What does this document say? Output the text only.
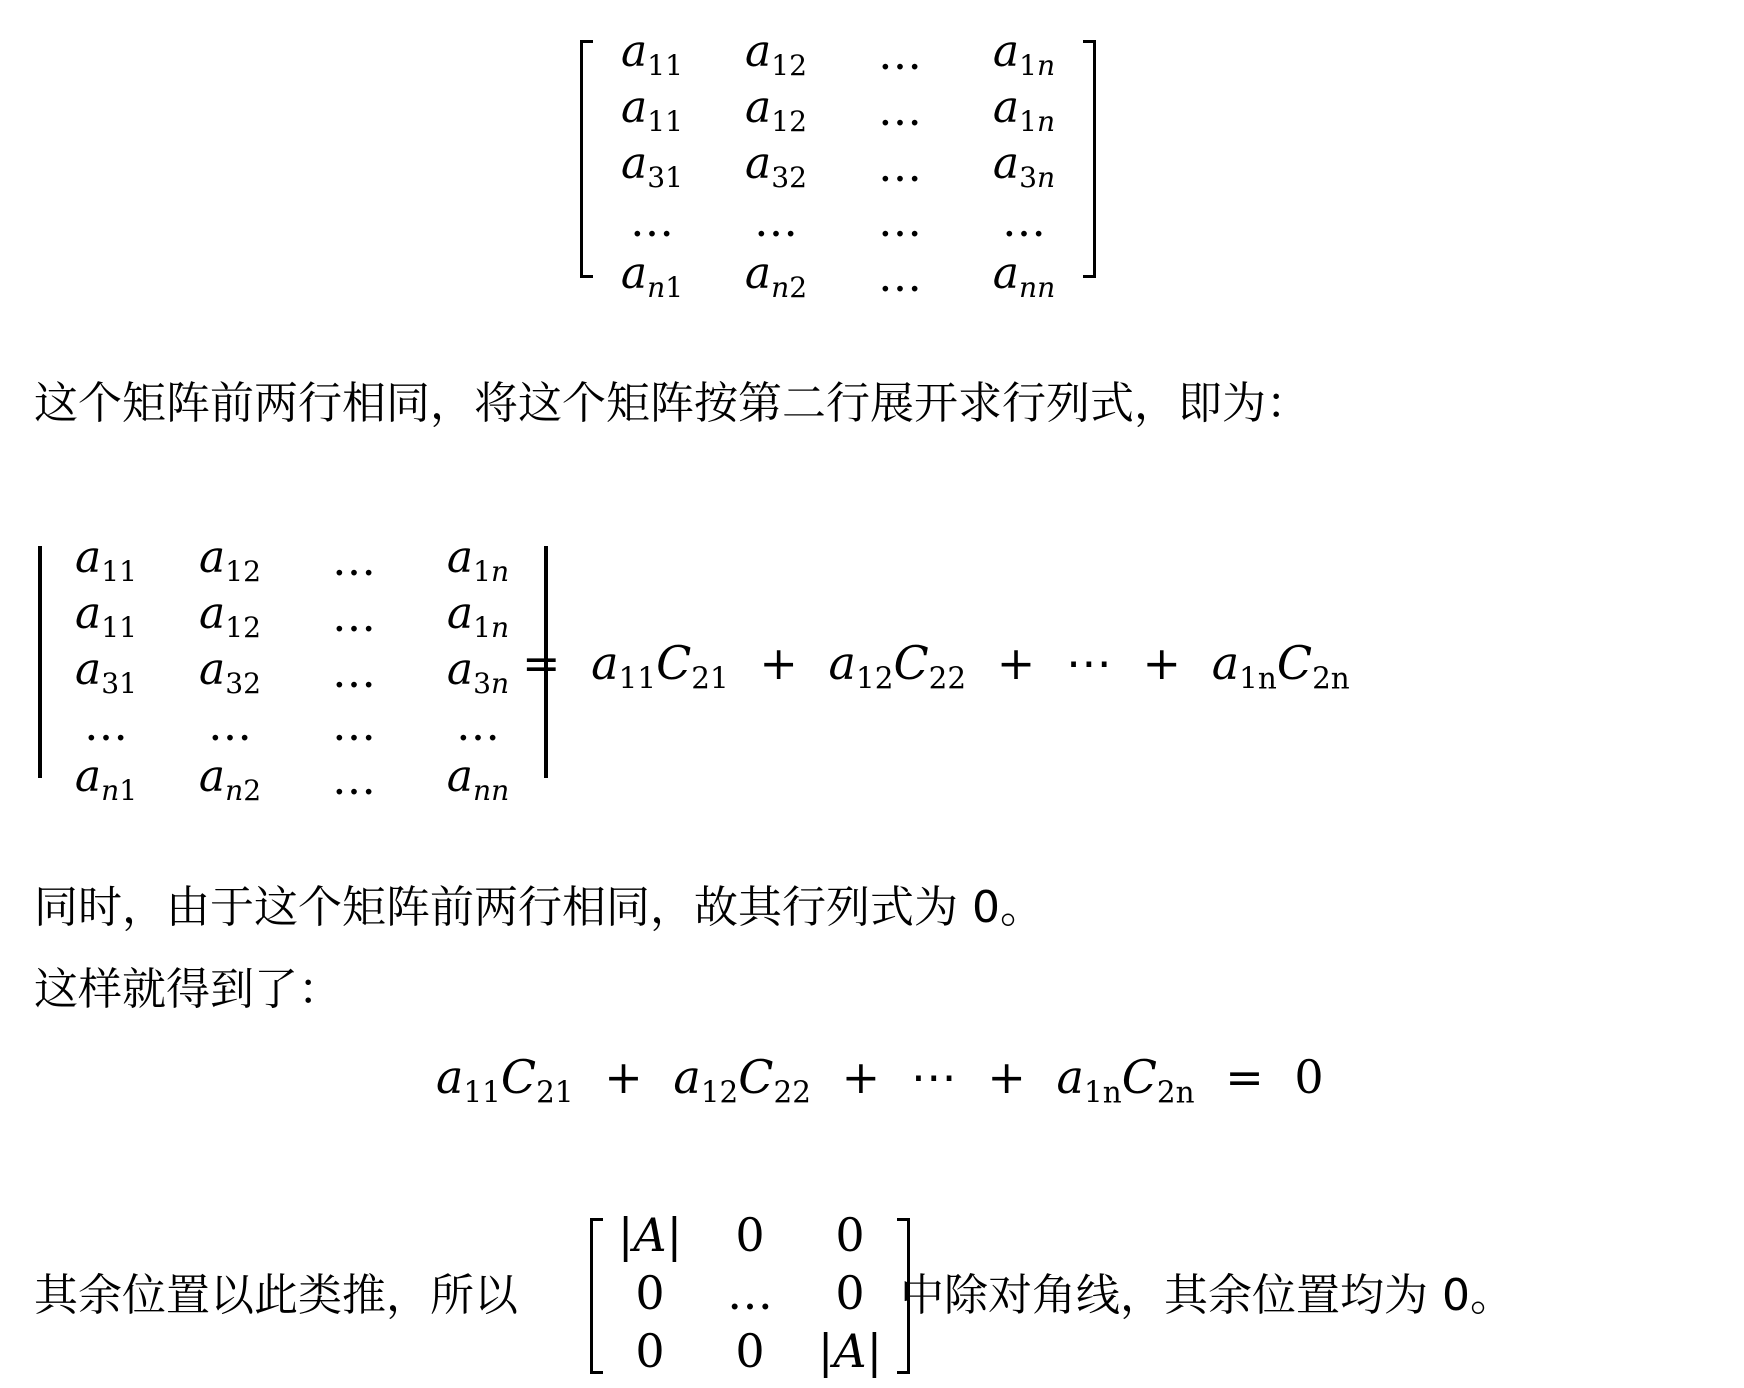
$a_{11}$	$a_{12}$	…	$a_{1n}$
$a_{11}$	$a_{12}$	…	$a_{1n}$
$a_{31}$	$a_{32}$	…	$a_{3n}$
…	…	…	…
$a_{n1}$	$a_{n2}$	…	$a_{nn}$
这个矩阵前两行相同，将这个矩阵按第二行展开求行列式，即为：
$a_{11}$	$a_{12}$	…	$a_{1n}$
$a_{11}$	$a_{12}$	…	$a_{1n}$
$a_{31}$	$a_{32}$	…	$a_{3n}$
…	…	…	…
$a_{n1}$	$a_{n2}$	…	$a_{nn}$
= $a_{11}C_{21} + a_{12}C_{22}$ + ⋯ + $a_{1n}C_{2n}$
同时，由于这个矩阵前两行相同，故其行列式为 0。
这样就得到了：
$a_{11}C_{21} + a_{12}C_{22}$ + ⋯ + $a_{1n}C_{2n} = 0$
其余位置以此类推，所以
|A|	0	0
0	…	0
0	0	|A|
中除对角线，其余位置均为 0。
